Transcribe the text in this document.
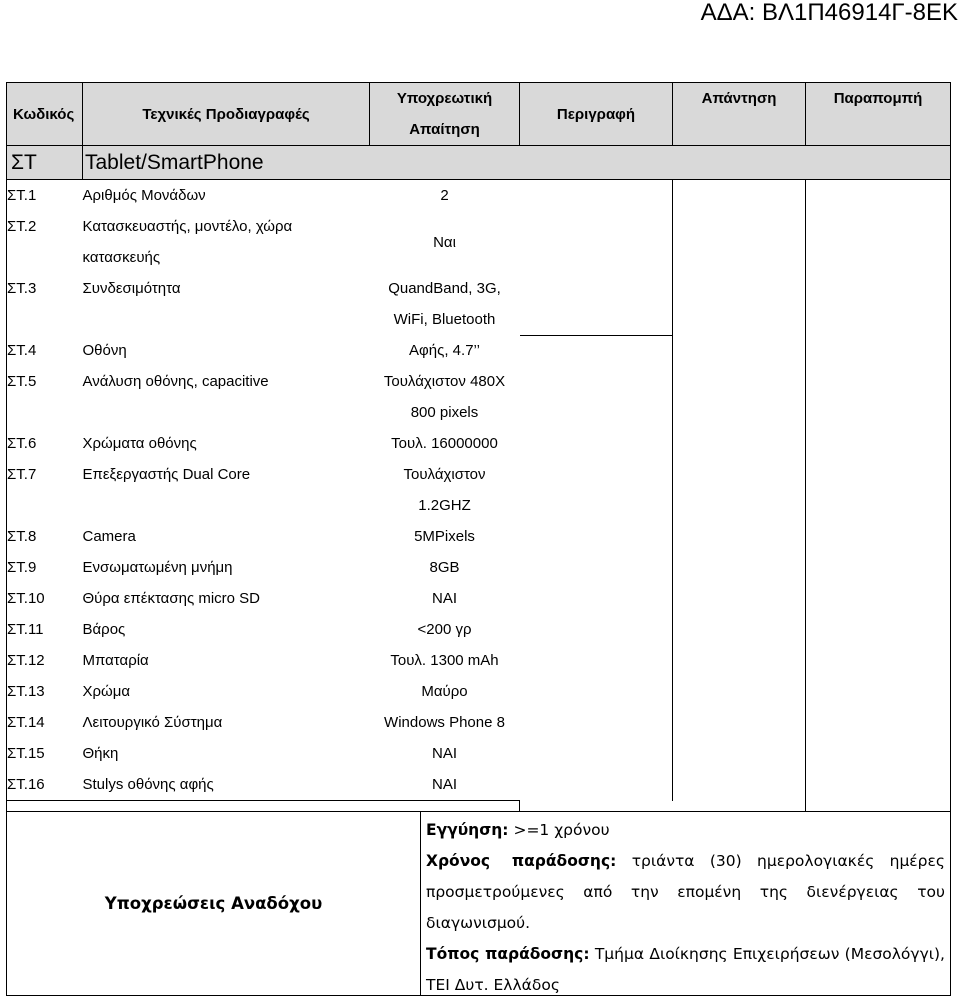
ΑΔΑ: ΒΛ1Π46914Γ-8ΕΚ
Κωδικός	Τεχνικές Προδιαγραφές	Υποχρεωτική Απαίτηση	Περιγραφή	Απάντηση	Παραπομπή
ΣΤ	Tablet/SmartPhone				
ΣΤ.1	Αριθμός Μονάδων	2			
ΣΤ.2	Κατασκευαστής, μοντέλο, χώρα κατασκευής	Ναι			
ΣΤ.3	Συνδεσιμότητα	QuandBand, 3G, WiFi, Bluetooth			
ΣΤ.4	Οθόνη	Αφής, 4.7’’			
ΣΤ.5	Ανάλυση οθόνης, capacitive	Τουλάχιστον 480X 800 pixels			
ΣΤ.6	Χρώματα οθόνης	Τουλ. 16000000			
ΣΤ.7	Επεξεργαστής Dual Core	Τουλάχιστον 1.2GHZ			
ΣΤ.8	Camera	5MPixels			
ΣΤ.9	Ενσωματωμένη μνήμη	8GB			
ΣΤ.10	Θύρα επέκτασης micro SD	ΝΑΙ			
ΣΤ.11	Βάρος	<200 γρ			
ΣΤ.12	Μπαταρία	Τουλ. 1300 mAh			
ΣΤ.13	Χρώμα	Μαύρο			
ΣΤ.14	Λειτουργικό Σύστημα	Windows Phone 8			
ΣΤ.15	Θήκη	ΝΑΙ			
ΣΤ.16	Stulys οθόνης αφής	ΝΑΙ			

Εγγύηση: >=1 χρόνου
Χρόνος παράδοσης: τριάντα (30) ημερολογιακές ημέρες προσμετρούμενες από την επομένη της διενέργειας του διαγωνισμού.
Τόπος παράδοσης: Τμήμα Διοίκησης Επιχειρήσεων (Μεσολόγγι), ΤΕΙ Δυτ. Ελλάδος
Υποχρεώσεις Αναδόχου
